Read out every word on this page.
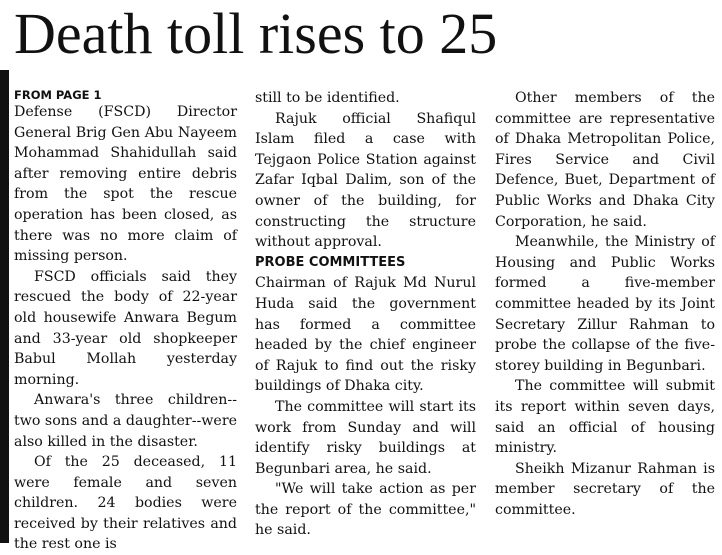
Death toll rises to 25
FROM PAGE 1

Defense (FSCD) Director General Brig Gen Abu Nayeem Mohammad Shahidullah said after removing entire debris from the spot the rescue operation has been closed, as there was no more claim of missing person.

FSCD officials said they rescued the body of 22-year old housewife Anwara Begum and 33-year old shopkeeper Babul Mollah yesterday morning.

Anwara's three children--two sons and a daughter--were also killed in the disaster.

Of the 25 deceased, 11 were female and seven children. 24 bodies were received by their relatives and the rest one is

still to be identified.

Rajuk official Shafiqul Islam filed a case with Tejgaon Police Station against Zafar Iqbal Dalim, son of the owner of the building, for constructing the structure without approval.

PROBE COMMITTEES

Chairman of Rajuk Md Nurul Huda said the government has formed a committee headed by the chief engineer of Rajuk to find out the risky buildings of Dhaka city.

The committee will start its work from Sunday and will identify risky buildings at Begunbari area, he said.

"We will take action as per the report of the committee," he said.

Other members of the committee are representative of Dhaka Metropolitan Police, Fires Service and Civil Defence, Buet, Department of Public Works and Dhaka City Corporation, he said.

Meanwhile, the Ministry of Housing and Public Works formed a five-member committee headed by its Joint Secretary Zillur Rahman to probe the collapse of the five-storey building in Begunbari.

The committee will submit its report within seven days, said an official of housing ministry.

Sheikh Mizanur Rahman is member secretary of the committee.
